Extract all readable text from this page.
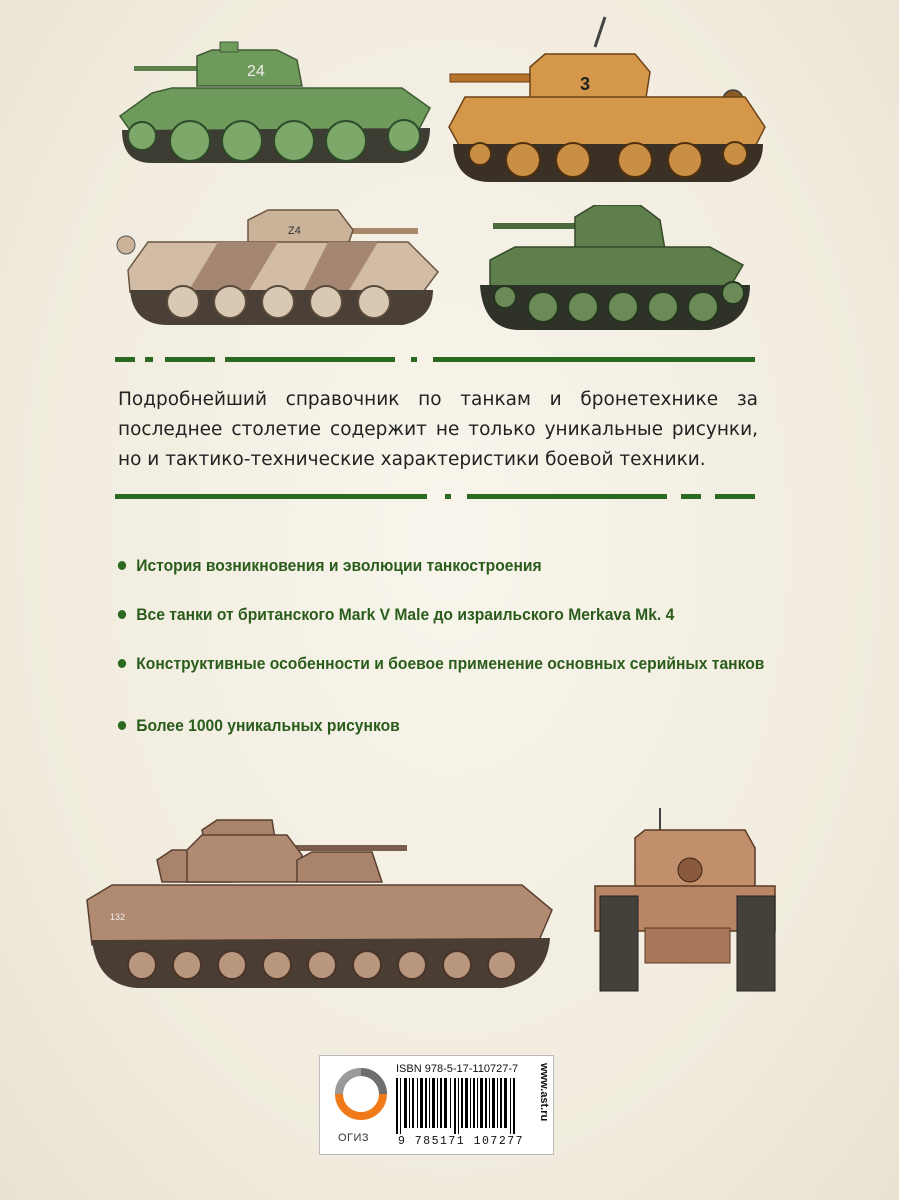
24
3
Z4

Подробнейший справочник по танкам и бронетехнике за последнее столетие содержит не только уникальные рисунки, но и тактико-технические характеристики боевой техники.

История возникновения и эволюции танкостроения
Все танки от британского Mark V Male до израильского Merkava Mk. 4
Конструктивные особенности и боевое применение основных серийных танков
Более 1000 уникальных рисунков
132
ОГИЗ
ISBN 978-5-17-110727-7
9 785171 107277
www.ast.ru
